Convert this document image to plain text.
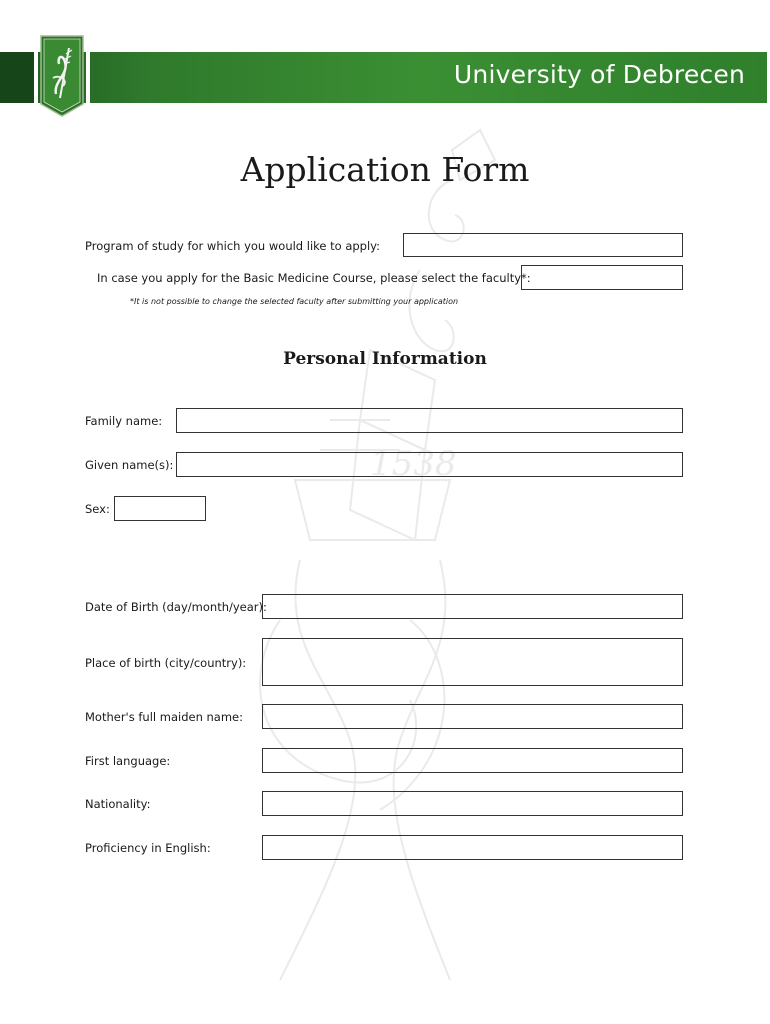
University of Debrecen
1538
Application Form
Program of study for which you would like to apply:
In case you apply for the Basic Medicine Course, please select the faculty*:
*It is not possible to change the selected faculty after submitting your application
Personal Information
Family name:
Given name(s):
Sex:
Date of Birth (day/month/year):
Place of birth (city/country):
Mother's full maiden name:
First language:
Nationality:
Proficiency in English:
